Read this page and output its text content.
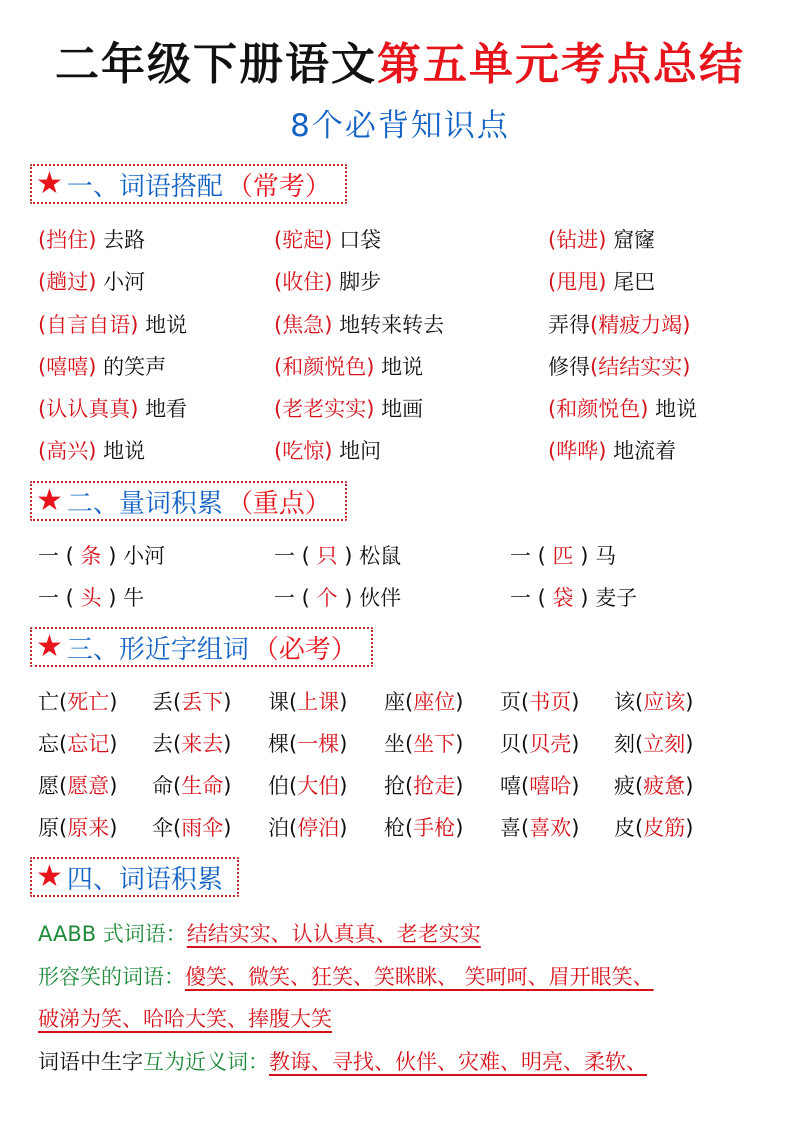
二年级下册语文第五单元考点总结
8个必背知识点
★ 一、词语搭配 （常考）
(挡住) 去路	(驼起) 口袋	(钻进) 窟窿
(趟过) 小河	(收住) 脚步	(甩甩) 尾巴
(自言自语) 地说	(焦急) 地转来转去	弄得(精疲力竭)
(嘻嘻) 的笑声	(和颜悦色) 地说	修得(结结实实)
(认认真真) 地看	(老老实实) 地画	(和颜悦色) 地说
(高兴) 地说	(吃惊) 地问	(哗哗) 地流着
★ 二、量词积累 （重点）
一 ( 条 ) 小河	一 ( 只 ) 松鼠	一 ( 匹 ) 马
一 ( 头 ) 牛	一 ( 个 ) 伙伴	一 ( 袋 ) 麦子
★ 三、形近字组词 （必考）
亡(死亡) 丢(丢下) 课(上课) 座(座位) 页(书页) 该(应该)
忘(忘记) 去(来去) 棵(一棵) 坐(坐下) 贝(贝壳) 刻(立刻)
愿(愿意) 命(生命) 伯(大伯) 抢(抢走) 嘻(嘻哈) 疲(疲惫)
原(原来) 伞(雨伞) 泊(停泊) 枪(手枪) 喜(喜欢) 皮(皮筋)
★ 四、词语积累
AABB 式词语：结结实实、认认真真、老老实实
形容笑的词语：傻笑、微笑、狂笑、笑眯眯、 笑呵呵、眉开眼笑、
破涕为笑、哈哈大笑、捧腹大笑
词语中生字互为近义词：教诲、寻找、伙伴、灾难、明亮、柔软、
